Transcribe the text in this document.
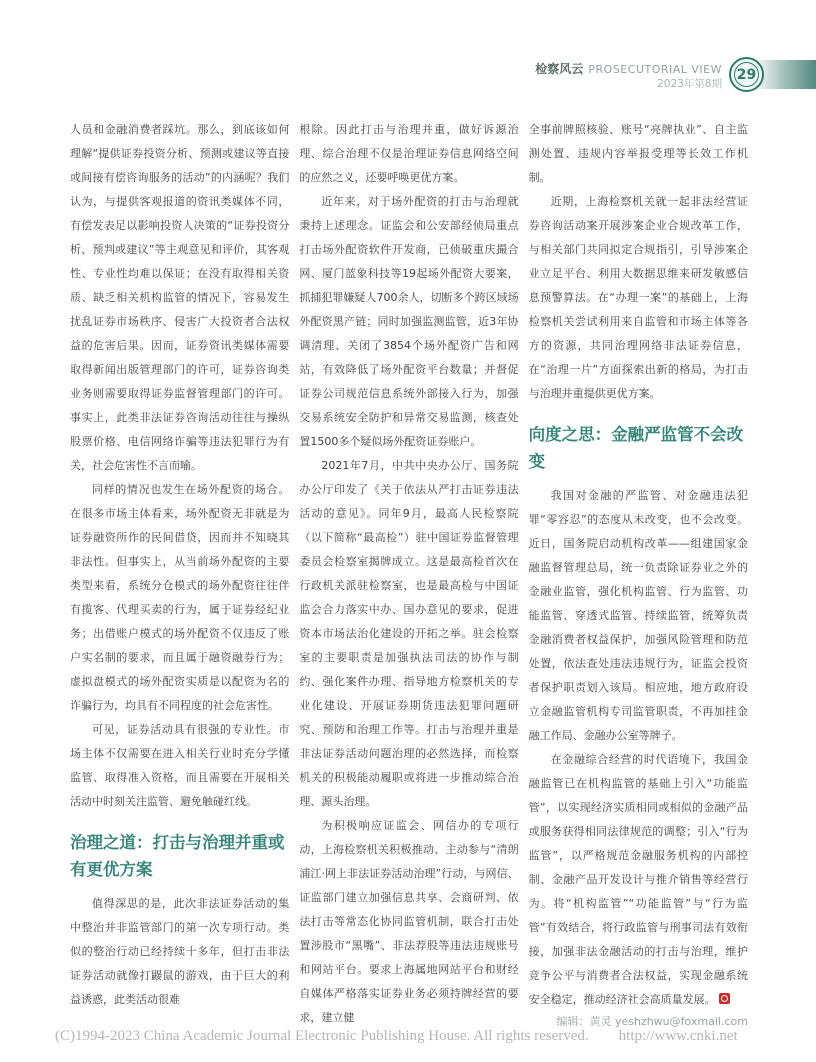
检察风云 PROSECUTORIAL VIEW
2023年第8期
29

人员和金融消费者踩坑。那么，到底该如何理解“提供证券投资分析、预测或建议等直接或间接有偿咨询服务的活动”的内涵呢？我们认为，与提供客观报道的资讯类媒体不同，有偿发表足以影响投资人决策的“证券投资分析、预判或建议”等主观意见和评价，其客观性、专业性均难以保证；在没有取得相关资质、缺乏相关机构监管的情况下，容易发生扰乱证券市场秩序、侵害广大投资者合法权益的危害后果。因而，证券资讯类媒体需要取得新闻出版管理部门的许可，证券咨询类业务则需要取得证券监督管理部门的许可。事实上，此类非法证券咨询活动往往与操纵股票价格、电信网络诈骗等违法犯罪行为有关，社会危害性不言而喻。

同样的情况也发生在场外配资的场合。在很多市场主体看来，场外配资无非就是为证券融资所作的民间借贷，因而并不知晓其非法性。但事实上，从当前场外配资的主要类型来看，系统分仓模式的场外配资往往伴有揽客、代理买卖的行为，属于证券经纪业务；出借账户模式的场外配资不仅违反了账户实名制的要求，而且属于融资融券行为；虚拟盘模式的场外配资实质是以配资为名的诈骗行为，均具有不同程度的社会危害性。

可见，证券活动具有很强的专业性。市场主体不仅需要在进入相关行业时充分学懂监管、取得准入资格，而且需要在开展相关活动中时刻关注监管、避免触碰红线。

治理之道：打击与治理并重或有更优方案

值得深思的是，此次非法证券活动的集中整治并非监管部门的第一次专项行动。类似的整治行动已经持续十多年，但打击非法证券活动就像打鼹鼠的游戏，由于巨大的利益诱惑，此类活动很难

根除。因此打击与治理并重，做好诉源治理、综合治理不仅是治理证券信息网络空间的应然之义，还要呼唤更优方案。

近年来，对于场外配资的打击与治理就秉持上述理念。证监会和公安部经侦局重点打击场外配资软件开发商，已侦破重庆撮合网、厦门蓝象科技等19起场外配资大要案，抓捕犯罪嫌疑人700余人，切断多个跨区域场外配资黑产链；同时加强监测监管，近3年协调清理、关闭了3854个场外配资广告和网站，有效降低了场外配资平台数量；并督促证券公司规范信息系统外部接入行为，加强交易系统安全防护和异常交易监测，核查处置1500多个疑似场外配资证券账户。

2021年7月，中共中央办公厅、国务院办公厅印发了《关于依法从严打击证券违法活动的意见》。同年9月，最高人民检察院（以下简称“最高检”）驻中国证券监督管理委员会检察室揭牌成立。这是最高检首次在行政机关派驻检察室，也是最高检与中国证监会合力落实中办、国办意见的要求，促进资本市场法治化建设的开拓之举。驻会检察室的主要职责是加强执法司法的协作与制约、强化案件办理、指导地方检察机关的专业化建设、开展证券期货违法犯罪问题研究、预防和治理工作等。打击与治理并重是非法证券活动问题治理的必然选择，而检察机关的积极能动履职或将进一步推动综合治理、源头治理。

为积极响应证监会、网信办的专项行动，上海检察机关积极推动、主动参与“清朗浦江·网上非法证券活动治理”行动，与网信、证监部门建立加强信息共享、会商研判、依法打击等常态化协同监管机制，联合打击处置涉股市“黑嘴”、非法荐股等违法违规账号和网站平台。要求上海属地网站平台和财经自媒体严格落实证券业务必须持牌经营的要求，建立健

全事前牌照核验、账号“亮牌执业”、自主监测处置、违规内容举报受理等长效工作机制。

近期，上海检察机关就一起非法经营证券咨询活动案开展涉案企业合规改革工作，与相关部门共同拟定合规指引，引导涉案企业立足平台、利用大数据思维来研发敏感信息预警算法。在“办理一案”的基础上，上海检察机关尝试利用来自监管和市场主体等各方的资源，共同治理网络非法证券信息，在“治理一片”方面探索出新的格局，为打击与治理并重提供更优方案。

向度之思：金融严监管不会改变

我国对金融的严监管、对金融违法犯罪“零容忍”的态度从未改变，也不会改变。近日，国务院启动机构改革——组建国家金融监督管理总局，统一负责除证券业之外的金融业监管，强化机构监管、行为监管、功能监管、穿透式监管、持续监管，统筹负责金融消费者权益保护，加强风险管理和防范处置，依法查处违法违规行为，证监会投资者保护职责划入该局。相应地，地方政府设立金融监管机构专司监管职责，不再加挂金融工作局、金融办公室等牌子。

在金融综合经营的时代语境下，我国金融监管已在机构监管的基础上引入“功能监管”，以实现经济实质相同或相似的金融产品或服务获得相同法律规范的调整；引入“行为监管”，以严格规范金融服务机构的内部控制、金融产品开发设计与推介销售等经营行为。将“机构监管”“功能监管”与“行为监管”有效结合，将行政监管与刑事司法有效衔接，加强非法金融活动的打击与治理，维护竞争公平与消费者合法权益，实现金融系统安全稳定，推动经济社会高质量发展。

编辑：黄灵 yeshzhwu@foxmail.com

(C)1994-2023 China Academic Journal Electronic Publishing House. All rights reserved. http://www.cnki.net
